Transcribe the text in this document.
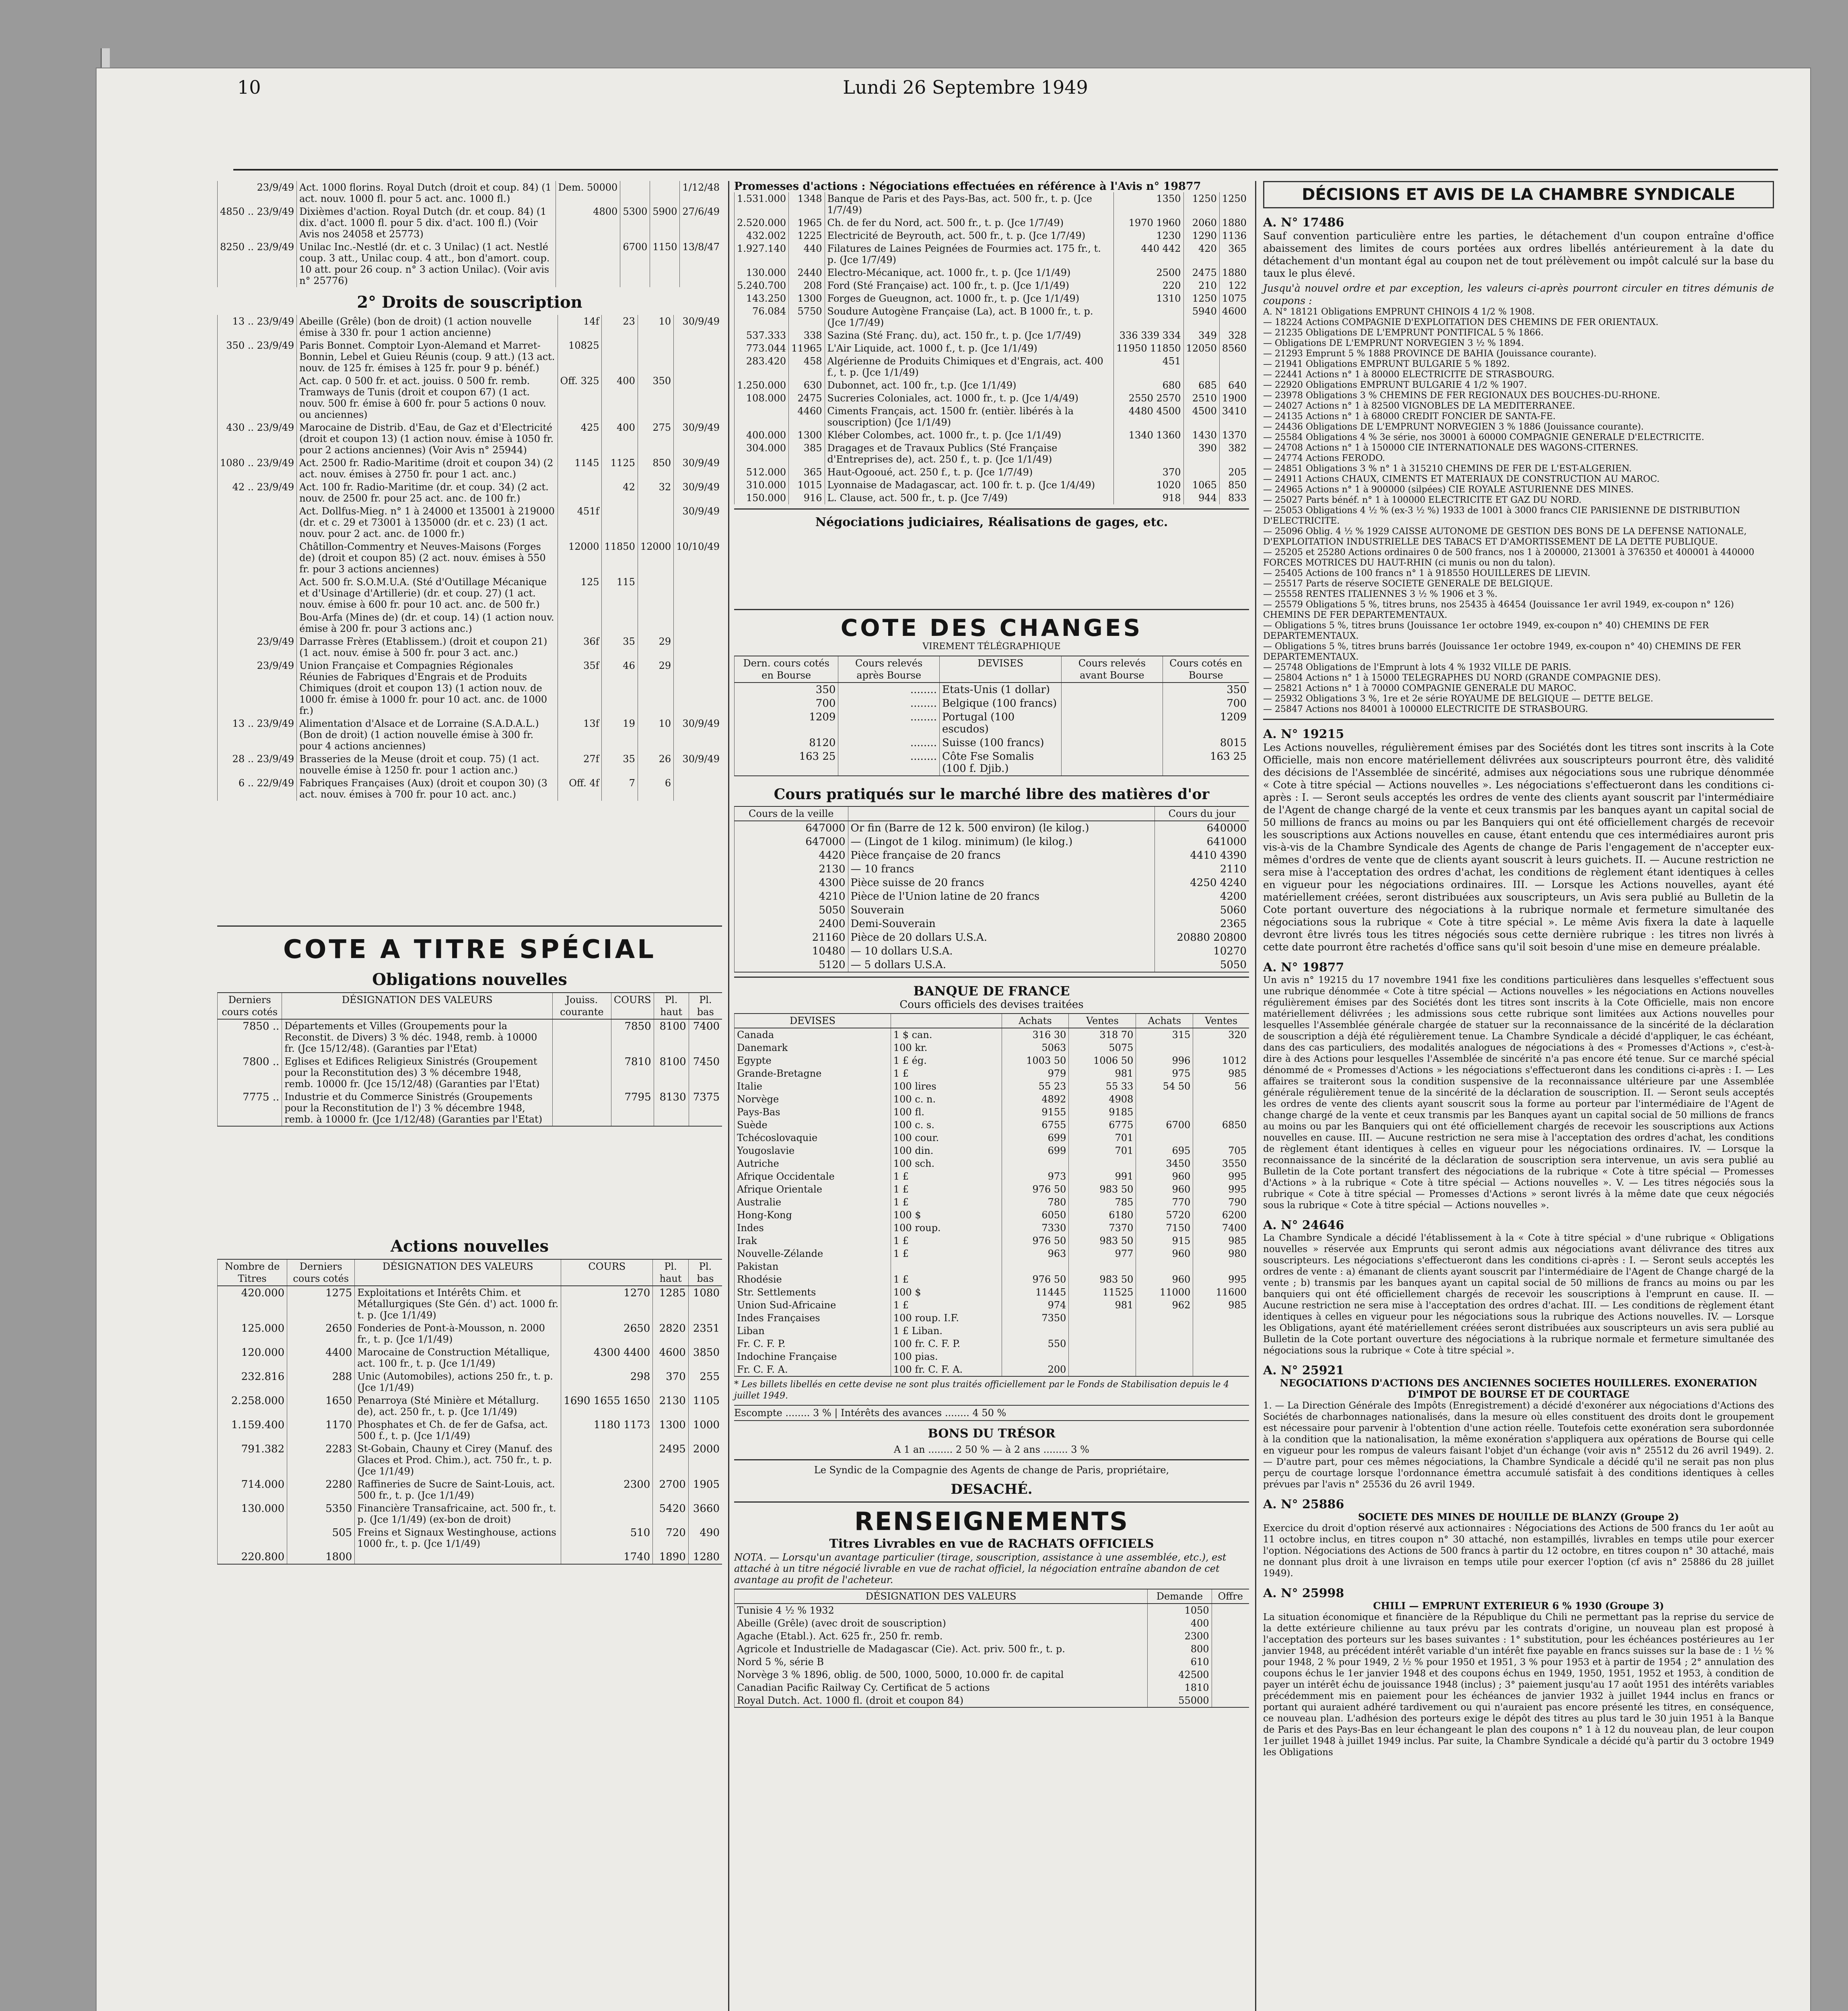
10	Lundi 26 Septembre 1949
23/9/49	Act. 1000 florins. Royal Dutch (droit et coup. 84) (1 act. nouv. 1000 fl. pour 5 act. anc. 1000 fl.)	Dem. 50000			1/12/48
4850 .. 23/9/49	Dixièmes d'action. Royal Dutch (dr. et coup. 84) (1 dix. d'act. 1000 fl. pour 5 dix. d'act. 100 fl.) (Voir Avis nos 24058 et 25773)	4800	5300	5900	27/6/49
8250 .. 23/9/49	Unilac Inc.-Nestlé (dr. et c. 3 Unilac) (1 act. Nestlé coup. 3 att., Unilac coup. 4 att., bon d'amort. coup. 10 att. pour 26 coup. n° 3 action Unilac). (Voir avis n° 25776)		6700	1150	13/8/47
2° Droits de souscription
13 .. 23/9/49	Abeille (Grêle) (bon de droit) (1 action nouvelle émise à 330 fr. pour 1 action ancienne)	14f	23	10	30/9/49
350 .. 23/9/49	Paris Bonnet. Comptoir Lyon-Alemand et Marret-Bonnin, Lebel et Guieu Réunis (coup. 9 att.) (13 act. nouv. de 125 fr. émises à 125 fr. pour 9 p. bénéf.)	10825			
	Act. cap. 0 500 fr. et act. jouiss. 0 500 fr. remb. Tramways de Tunis (droit et coupon 67) (1 act. nouv. 500 fr. émise à 600 fr. pour 5 actions 0 nouv. ou anciennes)	Off. 325	400	350	
430 .. 23/9/49	Marocaine de Distrib. d'Eau, de Gaz et d'Electricité (droit et coupon 13) (1 action nouv. émise à 1050 fr. pour 2 actions anciennes) (Voir Avis n° 25944)	425	400	275	30/9/49
1080 .. 23/9/49	Act. 2500 fr. Radio-Maritime (droit et coupon 34) (2 act. nouv. émises à 2750 fr. pour 1 act. anc.)	1145	1125	850	30/9/49
42 .. 23/9/49	Act. 100 fr. Radio-Maritime (dr. et coup. 34) (2 act. nouv. de 2500 fr. pour 25 act. anc. de 100 fr.)		42	32	30/9/49
	Act. Dollfus-Mieg. n° 1 à 24000 et 135001 à 219000 (dr. et c. 29 et 73001 à 135000 (dr. et c. 23) (1 act. nouv. pour 2 act. anc. de 1000 fr.)	451f			30/9/49
	Châtillon-Commentry et Neuves-Maisons (Forges de) (droit et coupon 85) (2 act. nouv. émises à 550 fr. pour 3 actions anciennes)	12000	11850	12000	10/10/49
	Act. 500 fr. S.O.M.U.A. (Sté d'Outillage Mécanique et d'Usinage d'Artillerie) (dr. et coup. 27) (1 act. nouv. émise à 600 fr. pour 10 act. anc. de 500 fr.)	125	115		
	Bou-Arfa (Mines de) (dr. et coup. 14) (1 action nouv. émise à 200 fr. pour 3 actions anc.)				
23/9/49	Darrasse Frères (Etablissem.) (droit et coupon 21) (1 act. nouv. émise à 500 fr. pour 3 act. anc.)	36f	35	29	
23/9/49	Union Française et Compagnies Régionales Réunies de Fabriques d'Engrais et de Produits Chimiques (droit et coupon 13) (1 action nouv. de 1000 fr. émise à 1000 fr. pour 10 act. anc. de 1000 fr.)	35f	46	29	
13 .. 23/9/49	Alimentation d'Alsace et de Lorraine (S.A.D.A.L.) (Bon de droit) (1 action nouvelle émise à 300 fr. pour 4 actions anciennes)	13f	19	10	30/9/49
28 .. 23/9/49	Brasseries de la Meuse (droit et coup. 75) (1 act. nouvelle émise à 1250 fr. pour 1 action anc.)	27f	35	26	30/9/49
6 .. 22/9/49	Fabriques Françaises (Aux) (droit et coupon 30) (3 act. nouv. émises à 700 fr. pour 10 act. anc.)	Off. 4f	7	6	
COTE A TITRE SPÉCIAL
Obligations nouvelles
Derniers cours cotés	DÉSIGNATION DES VALEURS	Jouiss. courante	COURS	Pl. haut	Pl. bas
7850 ..	Départements et Villes (Groupements pour la Reconstit. de Divers) 3 % déc. 1948, remb. à 10000 fr. (Jce 15/12/48). (Garanties par l'Etat)		7850	8100	7400
7800 ..	Eglises et Edifices Religieux Sinistrés (Groupement pour la Reconstitution des) 3 % décembre 1948, remb. 10000 fr. (Jce 15/12/48) (Garanties par l'Etat)		7810	8100	7450
7775 ..	Industrie et du Commerce Sinistrés (Groupements pour la Reconstitution de l') 3 % décembre 1948, remb. à 10000 fr. (Jce 1/12/48) (Garanties par l'Etat)		7795	8130	7375
Actions nouvelles
Nombre de Titres	Derniers cours cotés	DÉSIGNATION DES VALEURS	COURS	Pl. haut	Pl. bas
420.000	1275	Exploitations et Intérêts Chim. et Métallurgiques (Ste Gén. d') act. 1000 fr. t. p. (Jce 1/1/49)	1270	1285	1080
125.000	2650	Fonderies de Pont-à-Mousson, n. 2000 fr., t. p. (Jce 1/1/49)	2650	2820	2351
120.000	4400	Marocaine de Construction Métallique, act. 100 fr., t. p. (Jce 1/1/49)	4300 4400	4600	3850
232.816	288	Unic (Automobiles), actions 250 fr., t. p. (Jce 1/1/49)	298	370	255
2.258.000	1650	Penarroya (Sté Minière et Métallurg. de), act. 250 fr., t. p. (Jce 1/1/49)	1690 1655 1650	2130	1105
1.159.400	1170	Phosphates et Ch. de fer de Gafsa, act. 500 f., t. p. (Jce 1/1/49)	1180 1173	1300	1000
791.382	2283	St-Gobain, Chauny et Cirey (Manuf. des Glaces et Prod. Chim.), act. 750 fr., t. p. (Jce 1/1/49)		2495	2000
714.000	2280	Raffineries de Sucre de Saint-Louis, act. 500 fr., t. p. (Jce 1/1/49)	2300	2700	1905
130.000	5350	Financière Transafricaine, act. 500 fr., t. p. (Jce 1/1/49) (ex-bon de droit)		5420	3660
	505	Freins et Signaux Westinghouse, actions 1000 fr., t. p. (Jce 1/1/49)	510	720	490
220.800	1800		1740	1890	1280
Promesses d'actions : Négociations effectuées en référence à l'Avis n° 19877
1.531.000	1348	Banque de Paris et des Pays-Bas, act. 500 fr., t. p. (Jce 1/7/49)	1350	1250	1250
2.520.000	1965	Ch. de fer du Nord, act. 500 fr., t. p. (Jce 1/7/49)	1970 1960	2060	1880
432.002	1225	Electricité de Beyrouth, act. 500 fr., t. p. (Jce 1/7/49)	1230	1290	1136
1.927.140	440	Filatures de Laines Peignées de Fourmies act. 175 fr., t. p. (Jce 1/7/49)	440 442	420	365
130.000	2440	Electro-Mécanique, act. 1000 fr., t. p. (Jce 1/1/49)	2500	2475	1880
5.240.700	208	Ford (Sté Française) act. 100 fr., t. p. (Jce 1/1/49)	220	210	122
143.250	1300	Forges de Gueugnon, act. 1000 fr., t. p. (Jce 1/1/49)	1310	1250	1075
76.084	5750	Soudure Autogène Française (La), act. B 1000 fr., t. p. (Jce 1/7/49)		5940	4600
537.333	338	Sazina (Sté Franç. du), act. 150 fr., t. p. (Jce 1/7/49)	336 339 334	349	328
773.044	11965	L'Air Liquide, act. 1000 f., t. p. (Jce 1/1/49)	11950 11850	12050	8560
283.420	458	Algérienne de Produits Chimiques et d'Engrais, act. 400 f., t. p. (Jce 1/1/49)	451		
1.250.000	630	Dubonnet, act. 100 fr., t.p. (Jce 1/1/49)	680	685	640
108.000	2475	Sucreries Coloniales, act. 1000 fr., t. p. (Jce 1/4/49)	2550 2570	2510	1900
	4460	Ciments Français, act. 1500 fr. (entièr. libérés à la souscription) (Jce 1/1/49)	4480 4500	4500	3410
400.000	1300	Kléber Colombes, act. 1000 fr., t. p. (Jce 1/1/49)	1340 1360	1430	1370
304.000	385	Dragages et de Travaux Publics (Sté Française d'Entreprises de), act. 250 f., t. p. (Jce 1/1/49)		390	382
512.000	365	Haut-Ogooué, act. 250 f., t. p. (Jce 1/7/49)	370		205
310.000	1015	Lyonnaise de Madagascar, act. 100 fr. t. p. (Jce 1/4/49)	1020	1065	850
150.000	916	L. Clause, act. 500 fr., t. p. (Jce 7/49)	918	944	833
Négociations judiciaires, Réalisations de gages, etc.
COTE DES CHANGES
VIREMENT TÉLÉGRAPHIQUE
Dern. cours cotés en Bourse	Cours relevés après Bourse	DEVISES	Cours relevés avant Bourse	Cours cotés en Bourse
350	........	Etats-Unis (1 dollar)		350
700	........	Belgique (100 francs)		700
1209	........	Portugal (100 escudos)		1209
8120	........	Suisse (100 francs)		8015
163 25	........	Côte Fse Somalis (100 f. Djib.)		163 25
Cours pratiqués sur le marché libre des matières d'or
Cours de la veille		Cours du jour
647000	Or fin (Barre de 12 k. 500 environ) (le kilog.)	640000
647000	— (Lingot de 1 kilog. minimum) (le kilog.)	641000
4420	Pièce française de 20 francs	4410 4390
2130	— 10 francs	2110
4300	Pièce suisse de 20 francs	4250 4240
4210	Pièce de l'Union latine de 20 francs	4200
5050	Souverain	5060
2400	Demi-Souverain	2365
21160	Pièce de 20 dollars U.S.A.	20880 20800
10480	— 10 dollars U.S.A.	10270
5120	— 5 dollars U.S.A.	5050
BANQUE DE FRANCE
Cours officiels des devises traitées
DEVISES		Achats	Ventes	Achats	Ventes
Canada	1 $ can.	316 30	318 70	315	320
Danemark	100 kr.	5063	5075		
Egypte	1 £ ég.	1003 50	1006 50	996	1012
Grande-Bretagne	1 £	979	981	975	985
Italie	100 lires	55 23	55 33	54 50	56
Norvège	100 c. n.	4892	4908		
Pays-Bas	100 fl.	9155	9185		
Suède	100 c. s.	6755	6775	6700	6850
Tchécoslovaquie	100 cour.	699	701		
Yougoslavie	100 din.	699	701	695	705
Autriche	100 sch.			3450	3550
Afrique Occidentale	1 £	973	991	960	995
Afrique Orientale	1 £	976 50	983 50	960	995
Australie	1 £	780	785	770	790
Hong-Kong	100 $	6050	6180	5720	6200
Indes	100 roup.	7330	7370	7150	7400
Irak	1 £	976 50	983 50	915	985
Nouvelle-Zélande	1 £	963	977	960	980
Pakistan					
Rhodésie	1 £	976 50	983 50	960	995
Str. Settlements	100 $	11445	11525	11000	11600
Union Sud-Africaine	1 £	974	981	962	985
Indes Françaises	100 roup. I.F.	7350			
Liban	1 £ Liban.				
Fr. C. F. P.	100 fr. C. F. P.	550			
Indochine Française	100 pias.				
Fr. C. F. A.	100 fr. C. F. A.	200			
* Les billets libellés en cette devise ne sont plus traités officiellement par le Fonds de Stabilisation depuis le 4 juillet 1949.
Escompte ........ 3 % | Intérêts des avances ........ 4 50 %
BONS DU TRÉSOR
A 1 an ........ 2 50 % — à 2 ans ........ 3 %
Le Syndic de la Compagnie des Agents de change de Paris, propriétaire,
DESACHÉ.
RENSEIGNEMENTS
Titres Livrables en vue de RACHATS OFFICIELS
NOTA. — Lorsqu'un avantage particulier (tirage, souscription, assistance à une assemblée, etc.), est attaché à un titre négocié livrable en vue de rachat officiel, la négociation entraîne abandon de cet avantage au profit de l'acheteur.
DÉSIGNATION DES VALEURS	Demande	Offre
Tunisie 4 ½ % 1932	1050	
Abeille (Grêle) (avec droit de souscription)	400	
Agache (Etabl.). Act. 625 fr., 250 fr. remb.	2300	
Agricole et Industrielle de Madagascar (Cie). Act. priv. 500 fr., t. p.	800	
Nord 5 %, série B	610	
Norvège 3 % 1896, oblig. de 500, 1000, 5000, 10.000 fr. de capital	42500	
Canadian Pacific Railway Cy. Certificat de 5 actions	1810	
Royal Dutch. Act. 1000 fl. (droit et coupon 84)	55000	
DÉCISIONS ET AVIS DE LA CHAMBRE SYNDICALE
A. N° 17486
Sauf convention particulière entre les parties, le détachement d'un coupon entraîne d'office abaissement des limites de cours portées aux ordres libellés antérieurement à la date du détachement d'un montant égal au coupon net de tout prélèvement ou impôt calculé sur la base du taux le plus élevé.
Jusqu'à nouvel ordre et par exception, les valeurs ci-après pourront circuler en titres démunis de coupons :
A. N° 18121 Obligations EMPRUNT CHINOIS 4 1/2 % 1908.
— 18224 Actions COMPAGNIE D'EXPLOITATION DES CHEMINS DE FER ORIENTAUX.
— 21235 Obligations DE L'EMPRUNT PONTIFICAL 5 % 1866.
— Obligations DE L'EMPRUNT NORVEGIEN 3 ½ % 1894.
— 21293 Emprunt 5 % 1888 PROVINCE DE BAHIA (Jouissance courante).
— 21941 Obligations EMPRUNT BULGARIE 5 % 1892.
— 22441 Actions n° 1 à 80000 ELECTRICITE DE STRASBOURG.
— 22920 Obligations EMPRUNT BULGARIE 4 1/2 % 1907.
— 23978 Obligations 3 % CHEMINS DE FER REGIONAUX DES BOUCHES-DU-RHONE.
— 24027 Actions n° 1 à 82500 VIGNOBLES DE LA MEDITERRANEE.
— 24135 Actions n° 1 à 68000 CREDIT FONCIER DE SANTA-FE.
— 24436 Obligations DE L'EMPRUNT NORVEGIEN 3 % 1886 (Jouissance courante).
— 25584 Obligations 4 % 3e série, nos 30001 à 60000 COMPAGNIE GENERALE D'ELECTRICITE.
— 24708 Actions n° 1 à 150000 CIE INTERNATIONALE DES WAGONS-CITERNES.
— 24774 Actions FERODO.
— 24851 Obligations 3 % n° 1 à 315210 CHEMINS DE FER DE L'EST-ALGERIEN.
— 24911 Actions CHAUX, CIMENTS ET MATERIAUX DE CONSTRUCTION AU MAROC.
— 24965 Actions n° 1 à 900000 (silpées) CIE ROYALE ASTURIENNE DES MINES.
— 25027 Parts bénéf. n° 1 à 100000 ELECTRICITE ET GAZ DU NORD.
— 25053 Obligations 4 ½ % (ex-3 ½ %) 1933 de 1001 à 3000 francs CIE PARISIENNE DE DISTRIBUTION D'ELECTRICITE.
— 25096 Oblig. 4 ½ % 1929 CAISSE AUTONOME DE GESTION DES BONS DE LA DEFENSE NATIONALE, D'EXPLOITATION INDUSTRIELLE DES TABACS ET D'AMORTISSEMENT DE LA DETTE PUBLIQUE.
— 25205 et 25280 Actions ordinaires 0 de 500 francs, nos 1 à 200000, 213001 à 376350 et 400001 à 440000 FORCES MOTRICES DU HAUT-RHIN (ci munis ou non du talon).
— 25405 Actions de 100 francs n° 1 à 918550 HOUILLERES DE LIEVIN.
— 25517 Parts de réserve SOCIETE GENERALE DE BELGIQUE.
— 25558 RENTES ITALIENNES 3 ½ % 1906 et 3 %.
— 25579 Obligations 5 %, titres bruns, nos 25435 à 46454 (Jouissance 1er avril 1949, ex-coupon n° 126) CHEMINS DE FER DEPARTEMENTAUX.
— Obligations 5 %, titres bruns (Jouissance 1er octobre 1949, ex-coupon n° 40) CHEMINS DE FER DEPARTEMENTAUX.
— Obligations 5 %, titres bruns barrés (Jouissance 1er octobre 1949, ex-coupon n° 40) CHEMINS DE FER DEPARTEMENTAUX.
— 25748 Obligations de l'Emprunt à lots 4 % 1932 VILLE DE PARIS.
— 25804 Actions n° 1 à 15000 TELEGRAPHES DU NORD (GRANDE COMPAGNIE DES).
— 25821 Actions n° 1 à 70000 COMPAGNIE GENERALE DU MAROC.
— 25932 Obligations 3 %, 1re et 2e série ROYAUME DE BELGIQUE — DETTE BELGE.
— 25847 Actions nos 84001 à 100000 ELECTRICITE DE STRASBOURG.
A. N° 19215
Les Actions nouvelles, régulièrement émises par des Sociétés dont les titres sont inscrits à la Cote Officielle, mais non encore matériellement délivrées aux souscripteurs pourront être, dès validité des décisions de l'Assemblée de sincérité, admises aux négociations sous une rubrique dénommée « Cote à titre spécial — Actions nouvelles ». Les négociations s'effectueront dans les conditions ci-après : I. — Seront seuls acceptés les ordres de vente des clients ayant souscrit par l'intermédiaire de l'Agent de change chargé de la vente et ceux transmis par les banques ayant un capital social de 50 millions de francs au moins ou par les Banquiers qui ont été officiellement chargés de recevoir les souscriptions aux Actions nouvelles en cause, étant entendu que ces intermédiaires auront pris vis-à-vis de la Chambre Syndicale des Agents de change de Paris l'engagement de n'accepter eux-mêmes d'ordres de vente que de clients ayant souscrit à leurs guichets. II. — Aucune restriction ne sera mise à l'acceptation des ordres d'achat, les conditions de règlement étant identiques à celles en vigueur pour les négociations ordinaires. III. — Lorsque les Actions nouvelles, ayant été matériellement créées, seront distribuées aux souscripteurs, un Avis sera publié au Bulletin de la Cote portant ouverture des négociations à la rubrique normale et fermeture simultanée des négociations sous la rubrique « Cote à titre spécial ». Le même Avis fixera la date à laquelle devront être livrés tous les titres négociés sous cette dernière rubrique : les titres non livrés à cette date pourront être rachetés d'office sans qu'il soit besoin d'une mise en demeure préalable.
A. N° 19877
Un avis n° 19215 du 17 novembre 1941 fixe les conditions particulières dans lesquelles s'effectuent sous une rubrique dénommée « Cote à titre spécial — Actions nouvelles » les négociations en Actions nouvelles régulièrement émises par des Sociétés dont les titres sont inscrits à la Cote Officielle, mais non encore matériellement délivrées ; les admissions sous cette rubrique sont limitées aux Actions nouvelles pour lesquelles l'Assemblée générale chargée de statuer sur la reconnaissance de la sincérité de la déclaration de souscription a déjà été régulièrement tenue. La Chambre Syndicale a décidé d'appliquer, le cas échéant, dans des cas particuliers, des modalités analogues de négociations à des « Promesses d'Actions », c'est-à-dire à des Actions pour lesquelles l'Assemblée de sincérité n'a pas encore été tenue. Sur ce marché spécial dénommé de « Promesses d'Actions » les négociations s'effectueront dans les conditions ci-après : I. — Les affaires se traiteront sous la condition suspensive de la reconnaissance ultérieure par une Assemblée générale régulièrement tenue de la sincérité de la déclaration de souscription. II. — Seront seuls acceptés les ordres de vente des clients ayant souscrit sous la forme au porteur par l'intermédiaire de l'Agent de change chargé de la vente et ceux transmis par les Banques ayant un capital social de 50 millions de francs au moins ou par les Banquiers qui ont été officiellement chargés de recevoir les souscriptions aux Actions nouvelles en cause. III. — Aucune restriction ne sera mise à l'acceptation des ordres d'achat, les conditions de règlement étant identiques à celles en vigueur pour les négociations ordinaires. IV. — Lorsque la reconnaissance de la sincérité de la déclaration de souscription sera intervenue, un avis sera publié au Bulletin de la Cote portant transfert des négociations de la rubrique « Cote à titre spécial — Promesses d'Actions » à la rubrique « Cote à titre spécial — Actions nouvelles ». V. — Les titres négociés sous la rubrique « Cote à titre spécial — Promesses d'Actions » seront livrés à la même date que ceux négociés sous la rubrique « Cote à titre spécial — Actions nouvelles ».
A. N° 24646
La Chambre Syndicale a décidé l'établissement à la « Cote à titre spécial » d'une rubrique « Obligations nouvelles » réservée aux Emprunts qui seront admis aux négociations avant délivrance des titres aux souscripteurs. Les négociations s'effectueront dans les conditions ci-après : I. — Seront seuls acceptés les ordres de vente : a) émanant de clients ayant souscrit par l'intermédiaire de l'Agent de Change chargé de la vente ; b) transmis par les banques ayant un capital social de 50 millions de francs au moins ou par les banquiers qui ont été officiellement chargés de recevoir les souscriptions à l'emprunt en cause. II. — Aucune restriction ne sera mise à l'acceptation des ordres d'achat. III. — Les conditions de règlement étant identiques à celles en vigueur pour les négociations sous la rubrique des Actions nouvelles. IV. — Lorsque les Obligations, ayant été matériellement créées seront distribuées aux souscripteurs un avis sera publié au Bulletin de la Cote portant ouverture des négociations à la rubrique normale et fermeture simultanée des négociations sous la rubrique « Cote à titre spécial ».
A. N° 25921
NEGOCIATIONS D'ACTIONS DES ANCIENNES SOCIETES HOUILLERES. EXONERATION D'IMPOT DE BOURSE ET DE COURTAGE
1. — La Direction Générale des Impôts (Enregistrement) a décidé d'exonérer aux négociations d'Actions des Sociétés de charbonnages nationalisés, dans la mesure où elles constituent des droits dont le groupement est nécessaire pour parvenir à l'obtention d'une action réelle. Toutefois cette exonération sera subordonnée à la condition que la nationalisation, la même exonération s'appliquera aux opérations de Bourse qui celle en vigueur pour les rompus de valeurs faisant l'objet d'un échange (voir avis n° 25512 du 26 avril 1949). 2. — D'autre part, pour ces mêmes négociations, la Chambre Syndicale a décidé qu'il ne serait pas non plus perçu de courtage lorsque l'ordonnance émettra accumulé satisfait à des conditions identiques à celles prévues par l'avis n° 25536 du 26 avril 1949.
A. N° 25886
SOCIETE DES MINES DE HOUILLE DE BLANZY (Groupe 2)
Exercice du droit d'option réservé aux actionnaires : Négociations des Actions de 500 francs du 1er août au 11 octobre inclus, en titres coupon n° 30 attaché, non estampillés, livrables en temps utile pour exercer l'option. Négociations des Actions de 500 francs à partir du 12 octobre, en titres coupon n° 30 attaché, mais ne donnant plus droit à une livraison en temps utile pour exercer l'option (cf avis n° 25886 du 28 juillet 1949).
A. N° 25998
CHILI — EMPRUNT EXTERIEUR 6 % 1930 (Groupe 3)
La situation économique et financière de la République du Chili ne permettant pas la reprise du service de la dette extérieure chilienne au taux prévu par les contrats d'origine, un nouveau plan est proposé à l'acceptation des porteurs sur les bases suivantes : 1° substitution, pour les échéances postérieures au 1er janvier 1948, au précédent intérêt variable d'un intérêt fixe payable en francs suisses sur la base de : 1 ½ % pour 1948, 2 % pour 1949, 2 ½ % pour 1950 et 1951, 3 % pour 1953 et à partir de 1954 ; 2° annulation des coupons échus le 1er janvier 1948 et des coupons échus en 1949, 1950, 1951, 1952 et 1953, à condition de payer un intérêt échu de jouissance 1948 (inclus) ; 3° paiement jusqu'au 17 août 1951 des intérêts variables précédemment mis en paiement pour les échéances de janvier 1932 à juillet 1944 inclus en francs or portant qui auraient adhéré tardivement ou qui n'auraient pas encore présenté les titres, en conséquence, ce nouveau plan. L'adhésion des porteurs exige le dépôt des titres au plus tard le 30 juin 1951 à la Banque de Paris et des Pays-Bas en leur échangeant le plan des coupons n° 1 à 12 du nouveau plan, de leur coupon 1er juillet 1948 à juillet 1949 inclus. Par suite, la Chambre Syndicale a décidé qu'à partir du 3 octobre 1949 les Obligations
